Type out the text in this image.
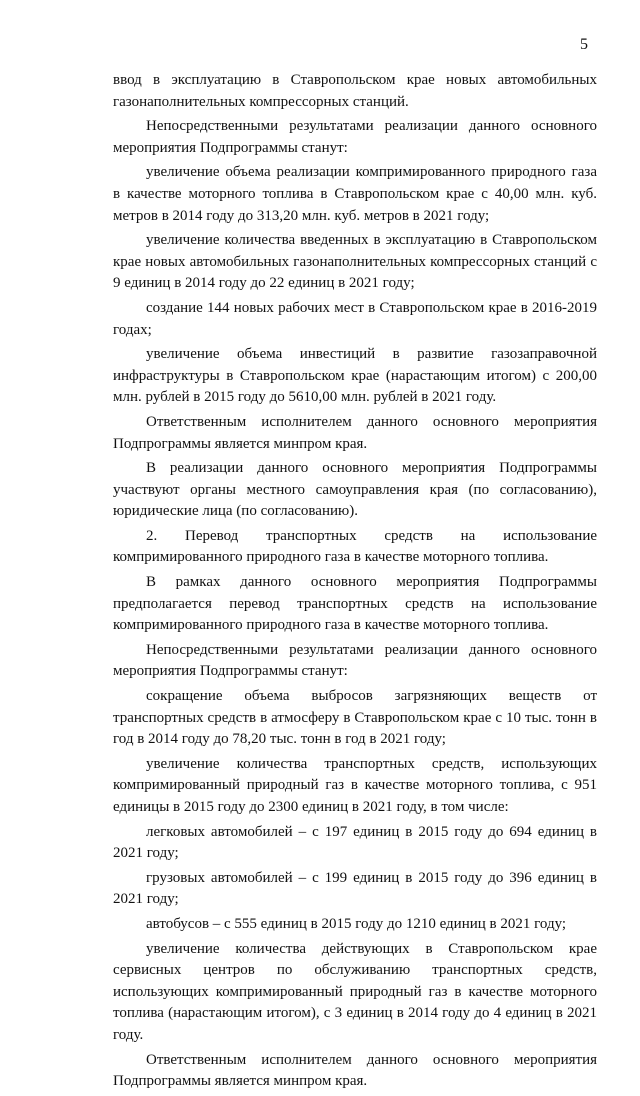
5

ввод в эксплуатацию в Ставропольском крае новых автомобильных газонаполнительных компрессорных станций.

Непосредственными результатами реализации данного основного мероприятия Подпрограммы станут:

увеличение объема реализации компримированного природного газа в качестве моторного топлива в Ставропольском крае с 40,00 млн. куб. метров в 2014 году до 313,20 млн. куб. метров в 2021 году;

увеличение количества введенных в эксплуатацию в Ставропольском крае новых автомобильных газонаполнительных компрессорных станций с 9 единиц в 2014 году до 22 единиц в 2021 году;

создание 144 новых рабочих мест в Ставропольском крае в 2016-2019 годах;

увеличение объема инвестиций в развитие газозаправочной инфраструктуры в Ставропольском крае (нарастающим итогом) с 200,00 млн. рублей в 2015 году до 5610,00 млн. рублей в 2021 году.

Ответственным исполнителем данного основного мероприятия Подпрограммы является минпром края.

В реализации данного основного мероприятия Подпрограммы участвуют органы местного самоуправления края (по согласованию), юридические лица (по согласованию).

2. Перевод транспортных средств на использование компримированного природного газа в качестве моторного топлива.

В рамках данного основного мероприятия Подпрограммы предполагается перевод транспортных средств на использование компримированного природного газа в качестве моторного топлива.

Непосредственными результатами реализации данного основного мероприятия Подпрограммы станут:

сокращение объема выбросов загрязняющих веществ от транспортных средств в атмосферу в Ставропольском крае с 10 тыс. тонн в год в 2014 году до 78,20 тыс. тонн в год в 2021 году;

увеличение количества транспортных средств, использующих компримированный природный газ в качестве моторного топлива, с 951 единицы в 2015 году до 2300 единиц в 2021 году, в том числе:

легковых автомобилей – с 197 единиц в 2015 году до 694 единиц в 2021 году;

грузовых автомобилей – с 199 единиц в 2015 году до 396 единиц в 2021 году;

автобусов – с 555 единиц в 2015 году до 1210 единиц в 2021 году;

увеличение количества действующих в Ставропольском крае сервисных центров по обслуживанию транспортных средств, использующих компримированный природный газ в качестве моторного топлива (нарастающим итогом), с 3 единиц в 2014 году до 4 единиц в 2021 году.

Ответственным исполнителем данного основного мероприятия Подпрограммы является минпром края.
